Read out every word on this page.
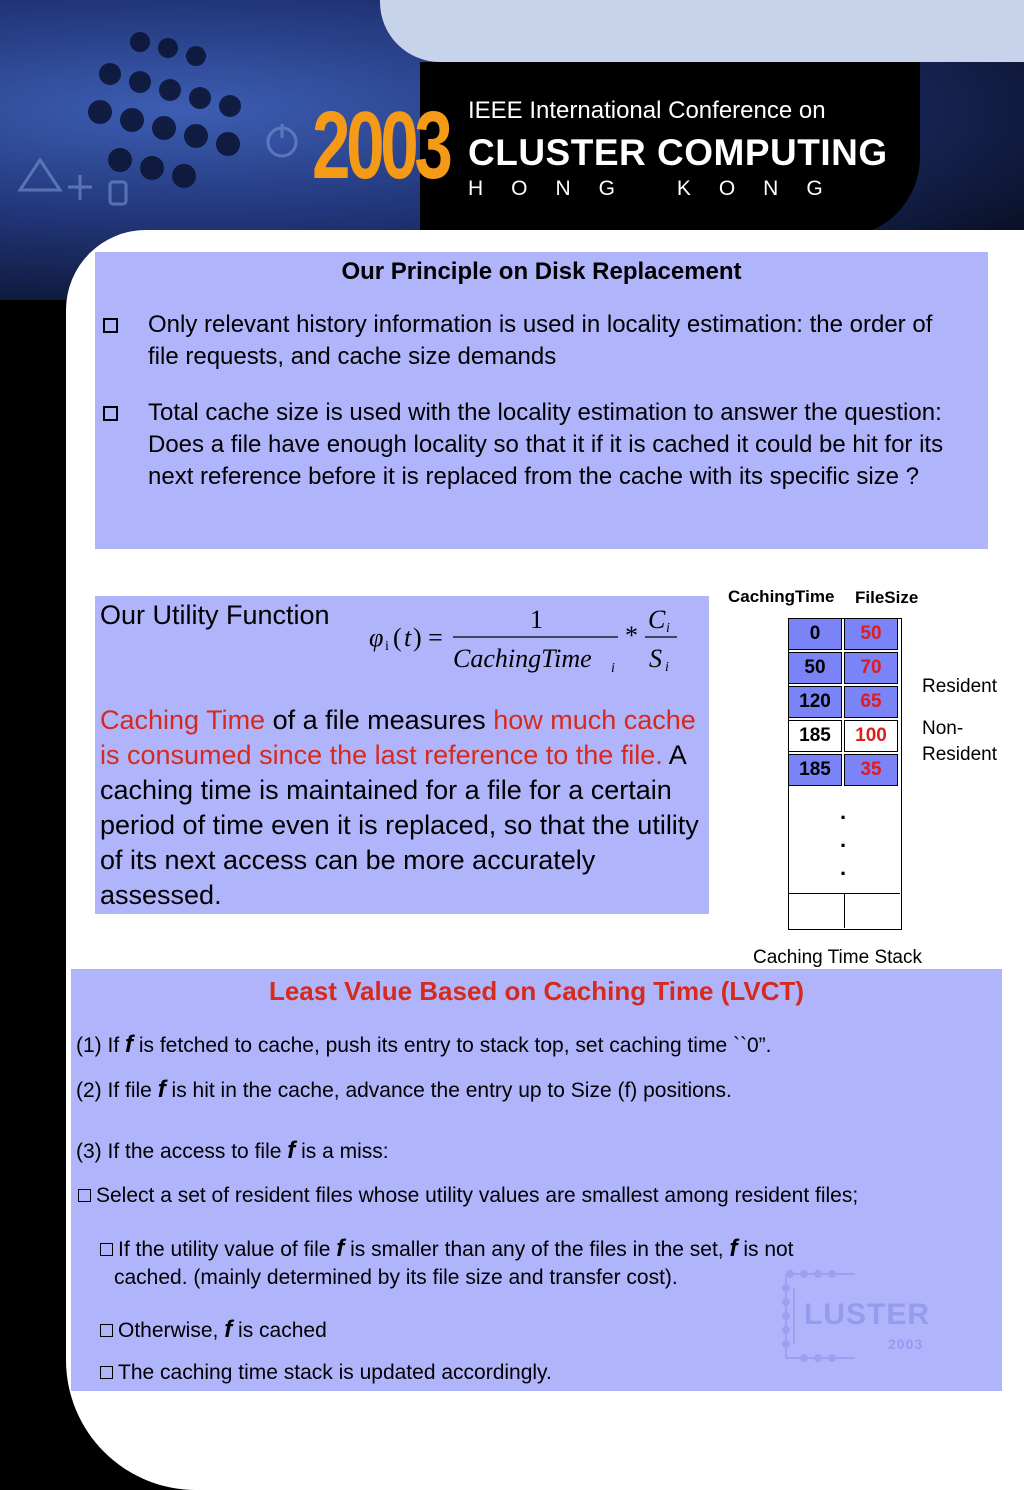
2003 IEEE International Conference on
CLUSTER COMPUTING
HONG KONG
Our Principle on Disk Replacement
Only relevant history information is used in locality estimation: the order of file requests, and cache size demands
Total cache size is used with the locality estimation to answer the question: Does a file have enough locality so that it if it is cached it could be hit for its next reference before it is replaced from the cache with its specific size ?
Our Utility Function
φ i ( t ) =
1
CachingTime i
*
C i
S i
Caching Time of a file measures how much cache is consumed since the last reference to the file. A caching time is maintained for a file for a certain period of time even it is replaced, so that the utility of its next access can be more accurately assessed.
CachingTime FileSize
0	50
50	70
120	65
185	100
185	35
.
.
.
Resident
Non-
Resident
Caching Time Stack
Least Value Based on Caching Time (LVCT)
(1) If f is fetched to cache, push its entry to stack top, set caching time ``0”.
(2) If file f is hit in the cache, advance the entry up to Size (f) positions.
(3) If the access to file f is a miss:
Select a set of resident files whose utility values are smallest among resident files;
If the utility value of file f is smaller than any of the files in the set, f is not
cached. (mainly determined by its file size and transfer cost).
Otherwise, f is cached
The caching time stack is updated accordingly.
LUSTER
2003
